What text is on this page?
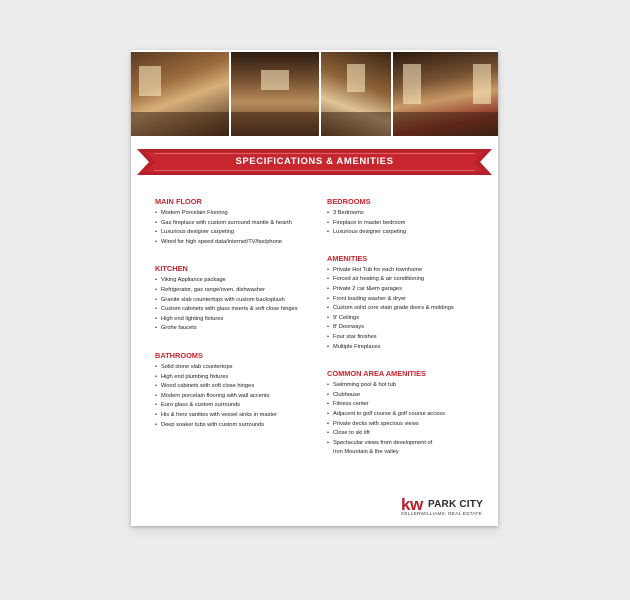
SPECIFICATIONS & AMENITIES
MAIN FLOOR
• Modern Porcelain Flooring
• Gas fireplace with custom surround mantle & hearth
• Luxurious designer carpeting
• Wired for high speed data/internet/TV/fax/phone
KITCHEN
• Viking Appliance package
• Refrigerator, gas range/oven, dishwasher
• Granite slab countertops with custom backsplash
• Custom cabinets with glass inserts & soft close hinges
• High end lighting fixtures
• Grohe faucets
BATHROOMS
• Solid stone slab countertops
• High end plumbing fixtures
• Wood cabinets with soft close hinges
• Modern porcelain flooring with wall accents
• Euro glass & custom surrounds
• His & hers vanities with vessel sinks in master
• Deep soaker tubs with custom surrounds
BEDROOMS
• 3 Bedrooms
• Fireplace in master bedroom
• Luxurious designer carpeting
AMENITIES
• Private Hot Tub for each townhome
• Forced air heating & air conditioning
• Private 2 car t&em garages
• Front loading washer & dryer
• Custom solid core stain grade doors & moldings
• 9' Ceilings
• 8' Doorways
• Four star finishes
• Multiple Fireplaces
COMMON AREA AMENITIES
• Swimming pool & hot tub
• Clubhouse
• Fitness center
• Adjacent to golf course & golf course access
• Private decks with specious views
• Close to ski lift
• Spectacular views from development of
Iron Mountain & the valley
kw PARK CITY
KELLERWILLIAMS. REAL ESTATE
